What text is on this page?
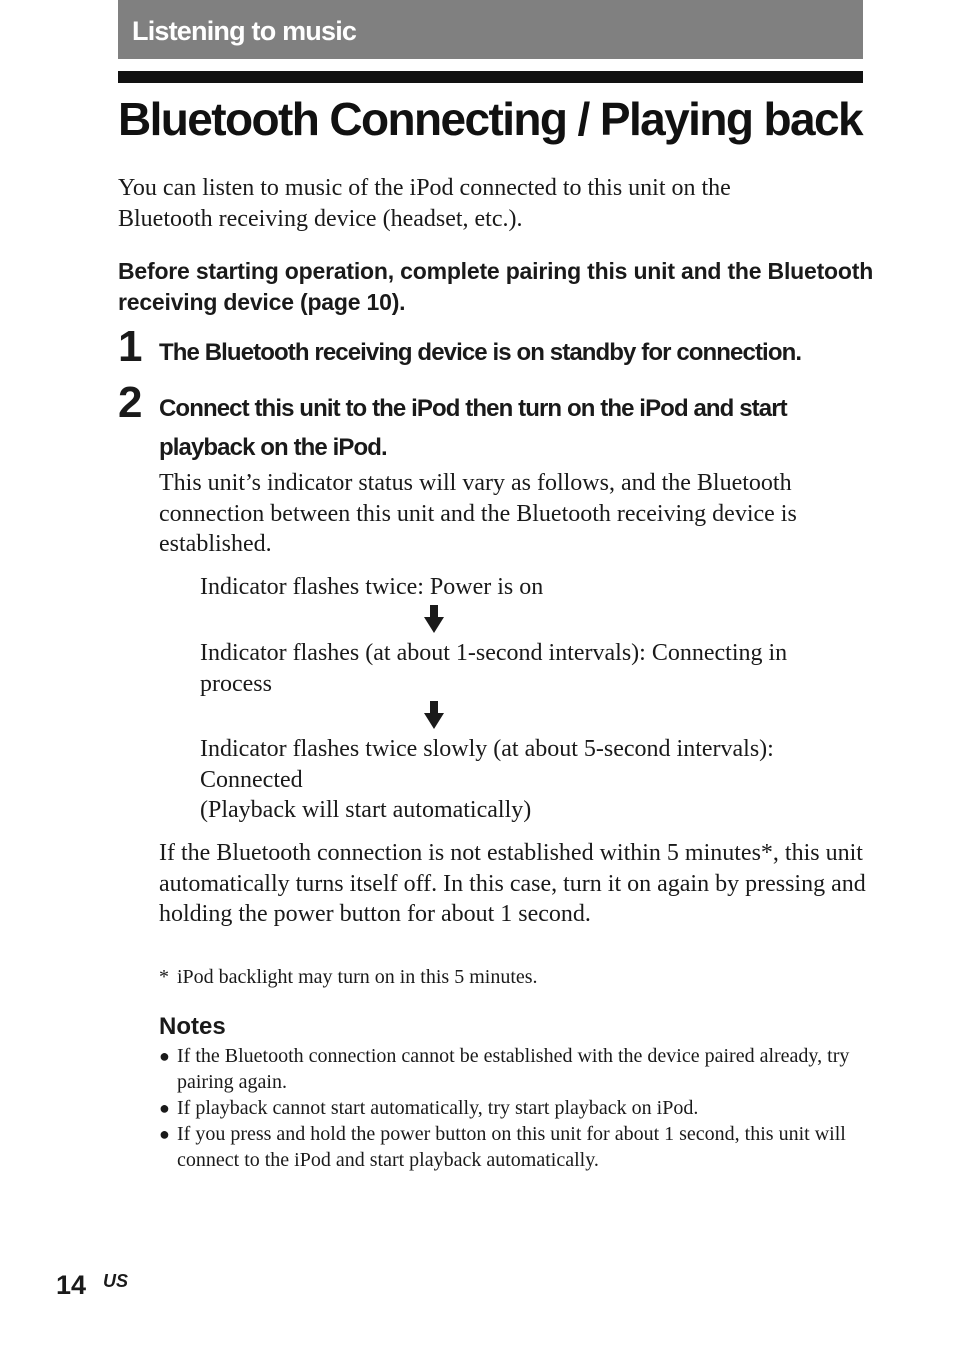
Listening to music
Bluetooth Connecting / Playing back

You can listen to music of the iPod connected to this unit on the Bluetooth receiving device (headset, etc.).

Before starting operation, complete pairing this unit and the Bluetooth receiving device (page 10).

1 The Bluetooth receiving device is on standby for connection.
2 Connect this unit to the iPod then turn on the iPod and start
playback on the iPod.

This unit’s indicator status will vary as follows, and the Bluetooth connection between this unit and the Bluetooth receiving device is established.

Indicator flashes twice: Power is on

Indicator flashes (at about 1-second intervals): Connecting in process

Indicator flashes twice slowly (at about 5-second intervals): Connected
(Playback will start automatically)

If the Bluetooth connection is not established within 5 minutes*, this unit automatically turns itself off. In this case, turn it on again by pressing and holding the power button for about 1 second.

* iPod backlight may turn on in this 5 minutes.

Notes
● If the Bluetooth connection cannot be established with the device paired already, try pairing again.
● If playback cannot start automatically, try start playback on iPod.
● If you press and hold the power button on this unit for about 1 second, this unit will connect to the iPod and start playback automatically.
14 US
